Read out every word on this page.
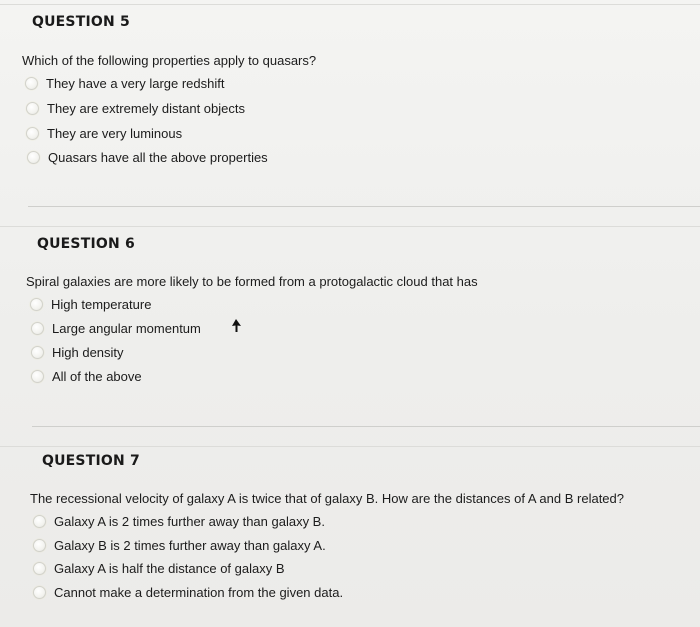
QUESTION 5
Which of the following properties apply to quasars?
They have a very large redshift
They are extremely distant objects
They are very luminous
Quasars have all the above properties
QUESTION 6
Spiral galaxies are more likely to be formed from a protogalactic cloud that has
High temperature
Large angular momentum
High density
All of the above
QUESTION 7
The recessional velocity of galaxy A is twice that of galaxy B. How are the distances of A and B related?
Galaxy A is 2 times further away than galaxy B.
Galaxy B is 2 times further away than galaxy A.
Galaxy A is half the distance of galaxy B
Cannot make a determination from the given data.
